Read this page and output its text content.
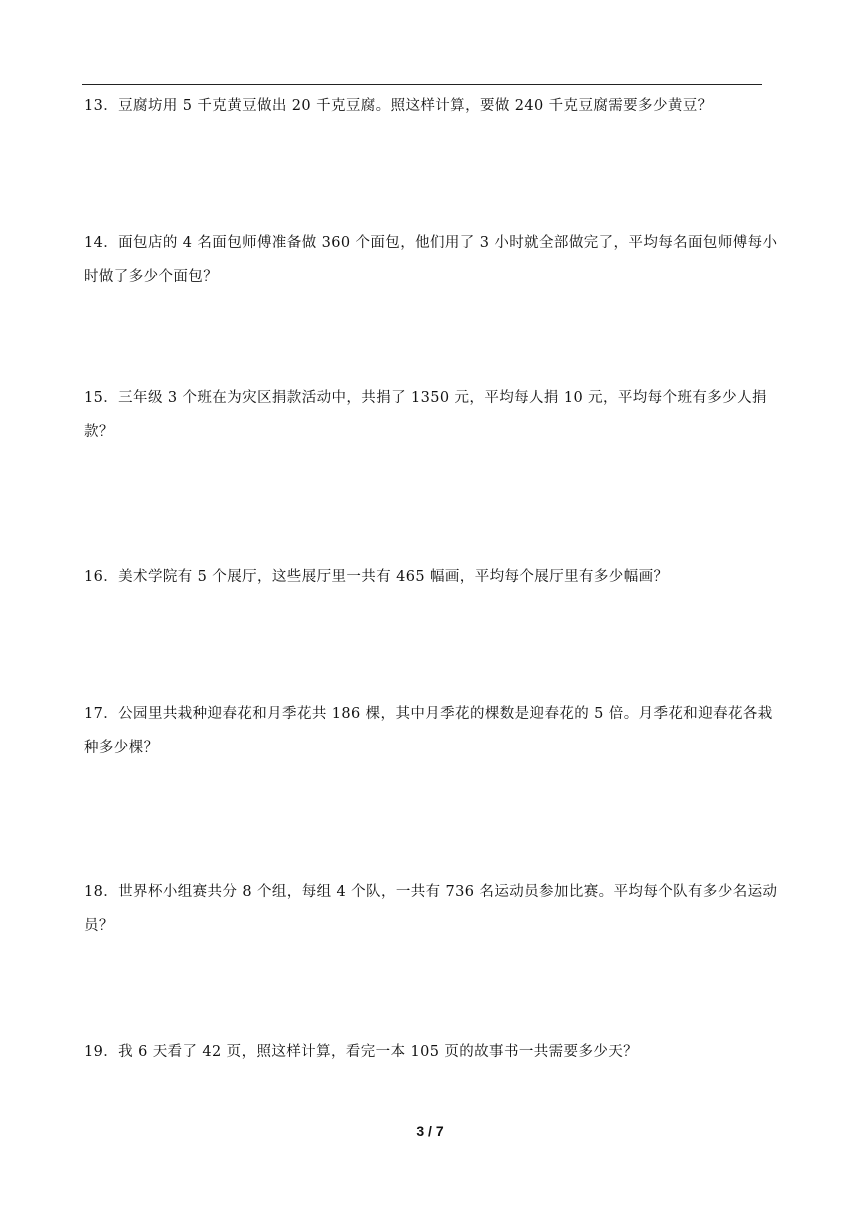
13．豆腐坊用 5 千克黄豆做出 20 千克豆腐。照这样计算，要做 240 千克豆腐需要多少黄豆？
14．面包店的 4 名面包师傅准备做 360 个面包，他们用了 3 小时就全部做完了，平均每名面包师傅每小时做了多少个面包？
15．三年级 3 个班在为灾区捐款活动中，共捐了 1350 元，平均每人捐 10 元，平均每个班有多少人捐款？
16．美术学院有 5 个展厅，这些展厅里一共有 465 幅画，平均每个展厅里有多少幅画？
17．公园里共栽种迎春花和月季花共 186 棵，其中月季花的棵数是迎春花的 5 倍。月季花和迎春花各栽种多少棵？
18．世界杯小组赛共分 8 个组，每组 4 个队，一共有 736 名运动员参加比赛。平均每个队有多少名运动员？
19．我 6 天看了 42 页，照这样计算，看完一本 105 页的故事书一共需要多少天？
3 / 7
